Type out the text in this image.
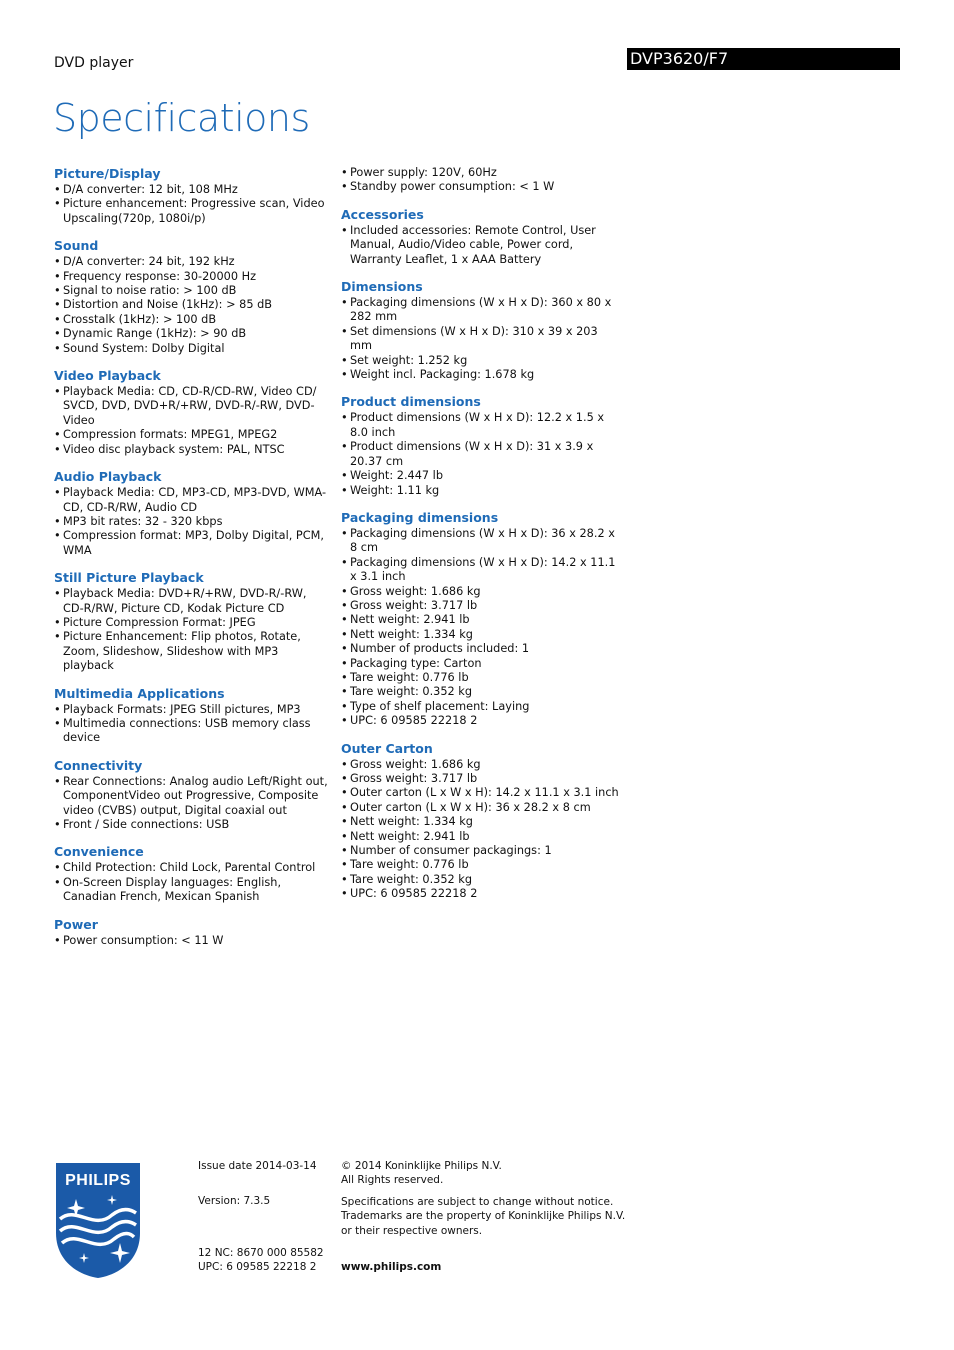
DVD player	DVP3620/F7
Specifications
Picture/Display
• D/A converter: 12 bit, 108 MHz
• Picture enhancement: Progressive scan, Video Upscaling(720p, 1080i/p)
Sound
• D/A converter: 24 bit, 192 kHz
• Frequency response: 30-20000 Hz
• Signal to noise ratio: > 100 dB
• Distortion and Noise (1kHz): > 85 dB
• Crosstalk (1kHz): > 100 dB
• Dynamic Range (1kHz): > 90 dB
• Sound System: Dolby Digital
Video Playback
• Playback Media: CD, CD-R/CD-RW, Video CD/ SVCD, DVD, DVD+R/+RW, DVD-R/-RW, DVD-Video
• Compression formats: MPEG1, MPEG2
• Video disc playback system: PAL, NTSC
Audio Playback
• Playback Media: CD, MP3-CD, MP3-DVD, WMA-CD, CD-R/RW, Audio CD
• MP3 bit rates: 32 - 320 kbps
• Compression format: MP3, Dolby Digital, PCM, WMA
Still Picture Playback
• Playback Media: DVD+R/+RW, DVD-R/-RW, CD-R/RW, Picture CD, Kodak Picture CD
• Picture Compression Format: JPEG
• Picture Enhancement: Flip photos, Rotate, Zoom, Slideshow, Slideshow with MP3 playback
Multimedia Applications
• Playback Formats: JPEG Still pictures, MP3
• Multimedia connections: USB memory class device
Connectivity
• Rear Connections: Analog audio Left/Right out, ComponentVideo out Progressive, Composite video (CVBS) output, Digital coaxial out
• Front / Side connections: USB
Convenience
• Child Protection: Child Lock, Parental Control
• On-Screen Display languages: English, Canadian French, Mexican Spanish
Power
• Power consumption: < 11 W
• Power supply: 120V, 60Hz
• Standby power consumption: < 1 W
Accessories
• Included accessories: Remote Control, User Manual, Audio/Video cable, Power cord, Warranty Leaflet, 1 x AAA Battery
Dimensions
• Packaging dimensions (W x H x D): 360 x 80 x 282 mm
• Set dimensions (W x H x D): 310 x 39 x 203 mm
• Set weight: 1.252 kg
• Weight incl. Packaging: 1.678 kg
Product dimensions
• Product dimensions (W x H x D): 12.2 x 1.5 x 8.0 inch
• Product dimensions (W x H x D): 31 x 3.9 x 20.37 cm
• Weight: 2.447 lb
• Weight: 1.11 kg
Packaging dimensions
• Packaging dimensions (W x H x D): 36 x 28.2 x 8 cm
• Packaging dimensions (W x H x D): 14.2 x 11.1 x 3.1 inch
• Gross weight: 1.686 kg
• Gross weight: 3.717 lb
• Nett weight: 2.941 lb
• Nett weight: 1.334 kg
• Number of products included: 1
• Packaging type: Carton
• Tare weight: 0.776 lb
• Tare weight: 0.352 kg
• Type of shelf placement: Laying
• UPC: 6 09585 22218 2
Outer Carton
• Gross weight: 1.686 kg
• Gross weight: 3.717 lb
• Outer carton (L x W x H): 14.2 x 11.1 x 3.1 inch
• Outer carton (L x W x H): 36 x 28.2 x 8 cm
• Nett weight: 1.334 kg
• Nett weight: 2.941 lb
• Number of consumer packagings: 1
• Tare weight: 0.776 lb
• Tare weight: 0.352 kg
• UPC: 6 09585 22218 2
PHILIPS
Issue date 2014-03-14
Version: 7.3.5
12 NC: 8670 000 85582
UPC: 6 09585 22218 2
© 2014 Koninklijke Philips N.V.
All Rights reserved.
Specifications are subject to change without notice.
Trademarks are the property of Koninklijke Philips N.V.
or their respective owners.
www.philips.com
